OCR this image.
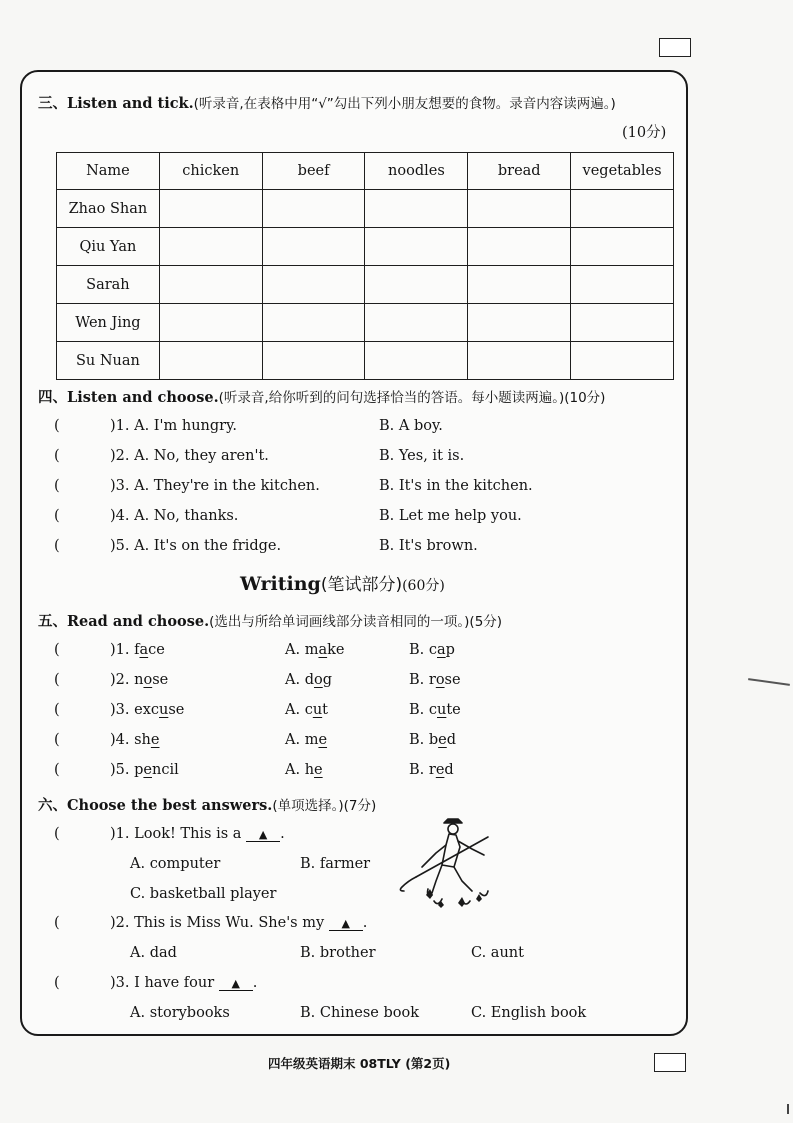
三、Listen and tick.(听录音,在表格中用“√”勾出下列小朋友想要的食物。录音内容读两遍。)
(10分)
Name	chicken	beef	noodles	bread	vegetables
Zhao Shan					
Qiu Yan					
Sarah					
Wen Jing					
Su Nuan					
四、Listen and choose.(听录音,给你听到的问句选择恰当的答语。每小题读两遍。)(10分)
(	)1. A. I'm hungry.	B. A boy.
(	)2. A. No, they aren't.	B. Yes, it is.
(	)3. A. They're in the kitchen.	B. It's in the kitchen.
(	)4. A. No, thanks.	B. Let me help you.
(	)5. A. It's on the fridge.	B. It's brown.
Writing(笔试部分)(60分)
五、Read and choose.(选出与所给单词画线部分读音相同的一项。)(5分)
(	)1. face	A. make	B. cap
(	)2. nose	A. dog	B. rose
(	)3. excuse	A. cut	B. cute
(	)4. she	A. me	B. bed
(	)5. pencil	A. he	B. red
六、Choose the best answers.(单项选择。)(7分)
(	)1. Look! This is a ▲ .
A. computer	B. farmer
C. basketball player
(	)2. This is Miss Wu. She's my ▲ .
A. dad	B. brother	C. aunt
(	)3. I have four ▲ .
A. storybooks	B. Chinese book	C. English book
四年级英语期末 08TLY (第2页)
